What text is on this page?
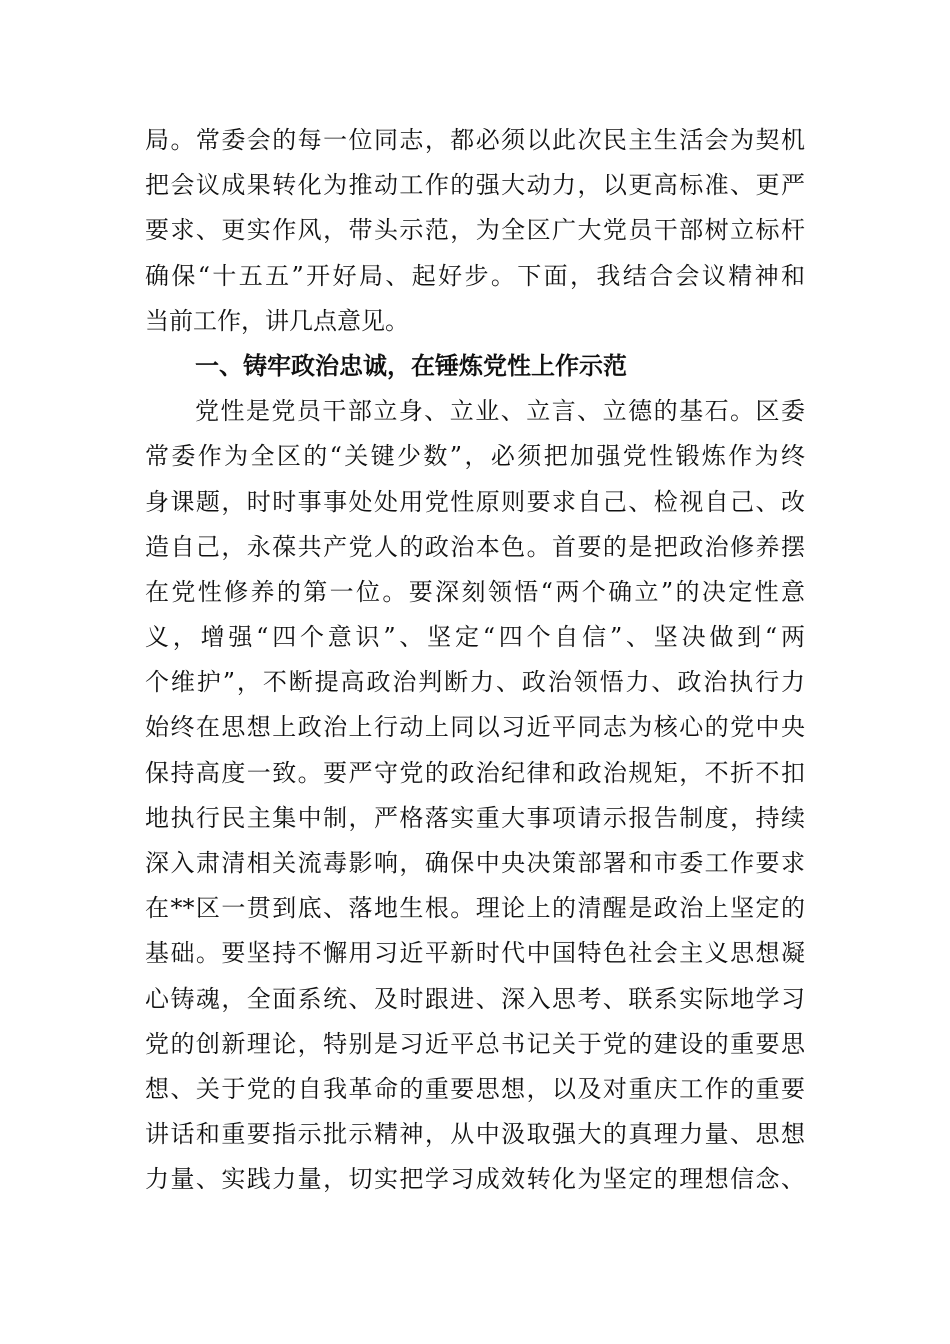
局。常委会的每一位同志，都必须以此次民主生活会为契机
把会议成果转化为推动工作的强大动力，以更高标准、更严
要求、更实作风，带头示范，为全区广大党员干部树立标杆
确保“十五五”开好局、起好步。下面，我结合会议精神和
当前工作，讲几点意见。
一、铸牢政治忠诚，在锤炼党性上作示范
党性是党员干部立身、立业、立言、立德的基石。区委
常委作为全区的“关键少数”，必须把加强党性锻炼作为终
身课题，时时事事处处用党性原则要求自己、检视自己、改
造自己，永葆共产党人的政治本色。首要的是把政治修养摆
在党性修养的第一位。要深刻领悟“两个确立”的决定性意
义，增强“四个意识”、坚定“四个自信”、坚决做到“两
个维护”，不断提高政治判断力、政治领悟力、政治执行力
始终在思想上政治上行动上同以习近平同志为核心的党中央
保持高度一致。要严守党的政治纪律和政治规矩，不折不扣
地执行民主集中制，严格落实重大事项请示报告制度，持续
深入肃清相关流毒影响，确保中央决策部署和市委工作要求
在**区一贯到底、落地生根。理论上的清醒是政治上坚定的
基础。要坚持不懈用习近平新时代中国特色社会主义思想凝
心铸魂，全面系统、及时跟进、深入思考、联系实际地学习
党的创新理论，特别是习近平总书记关于党的建设的重要思
想、关于党的自我革命的重要思想，以及对重庆工作的重要
讲话和重要指示批示精神，从中汲取强大的真理力量、思想
力量、实践力量，切实把学习成效转化为坚定的理想信念、
